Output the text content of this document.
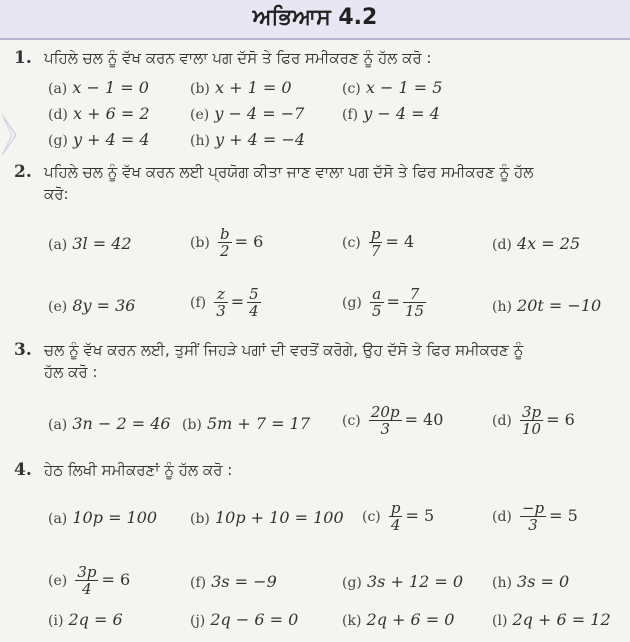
ਅਭਿਆਸ 4.2
1. ਪਹਿਲੇ ਚਲ ਨੂੰ ਵੱਖ ਕਰਨ ਵਾਲਾ ਪਗ ਦੱਸੋ ਤੇ ਫਿਰ ਸਮੀਕਰਣ ਨੂੰ ਹੱਲ ਕਰੋ :
(a) x − 1 = 0	(b) x + 1 = 0	(c) x − 1 = 5
(d) x + 6 = 2	(e) y − 4 = −7	(f) y − 4 = 4
(g) y + 4 = 4	(h) y + 4 = −4
2. ਪਹਿਲੇ ਚਲ ਨੂੰ ਵੱਖ ਕਰਨ ਲਈ ਪ੍ਰਯੋਗ ਕੀਤਾ ਜਾਣ ਵਾਲਾ ਪਗ ਦੱਸੋ ਤੇ ਫਿਰ ਸਮੀਕਰਣ ਨੂੰ ਹੱਲ
ਕਰੋ:
(a) 3l = 42	$(b) \frac{b}{2} = 6$	$(c) \frac{p}{7} = 4$	(d) 4x = 25
(e) 8y = 36	$(f) \frac{z}{3} = \frac{5}{4}$	$(g) \frac{a}{5} = \frac{7}{15}$	(h) 20t = −10
3. ਚਲ ਨੂੰ ਵੱਖ ਕਰਨ ਲਈ, ਤੁਸੀਂ ਜਿਹੜੇ ਪਗਾਂ ਦੀ ਵਰਤੋਂ ਕਰੋਗੇ, ਉਹ ਦੱਸੋ ਤੇ ਫਿਰ ਸਮੀਕਰਣ ਨੂੰ
ਹੱਲ ਕਰੋ :
(a) 3n − 2 = 46 (b) 5m + 7 = 17 $(c) \frac{20p}{3} = 40$	$(d) \frac{3p}{10} = 6$
4. ਹੇਠ ਲਿਖੀ ਸਮੀਕਰਣਾਂ ਨੂੰ ਹੱਲ ਕਰੋ :
(a) 10p = 100 (b) 10p + 10 = 100 $(c) \frac{p}{4} = 5$	$(d) \frac{-p}{3} = 5$
$(e) \frac{3p}{4} = 6$	(f) 3s = −9	(g) 3s + 12 = 0 (h) 3s = 0
(i) 2q = 6	(j) 2q − 6 = 0	(k) 2q + 6 = 0	(l) 2q + 6 = 12
